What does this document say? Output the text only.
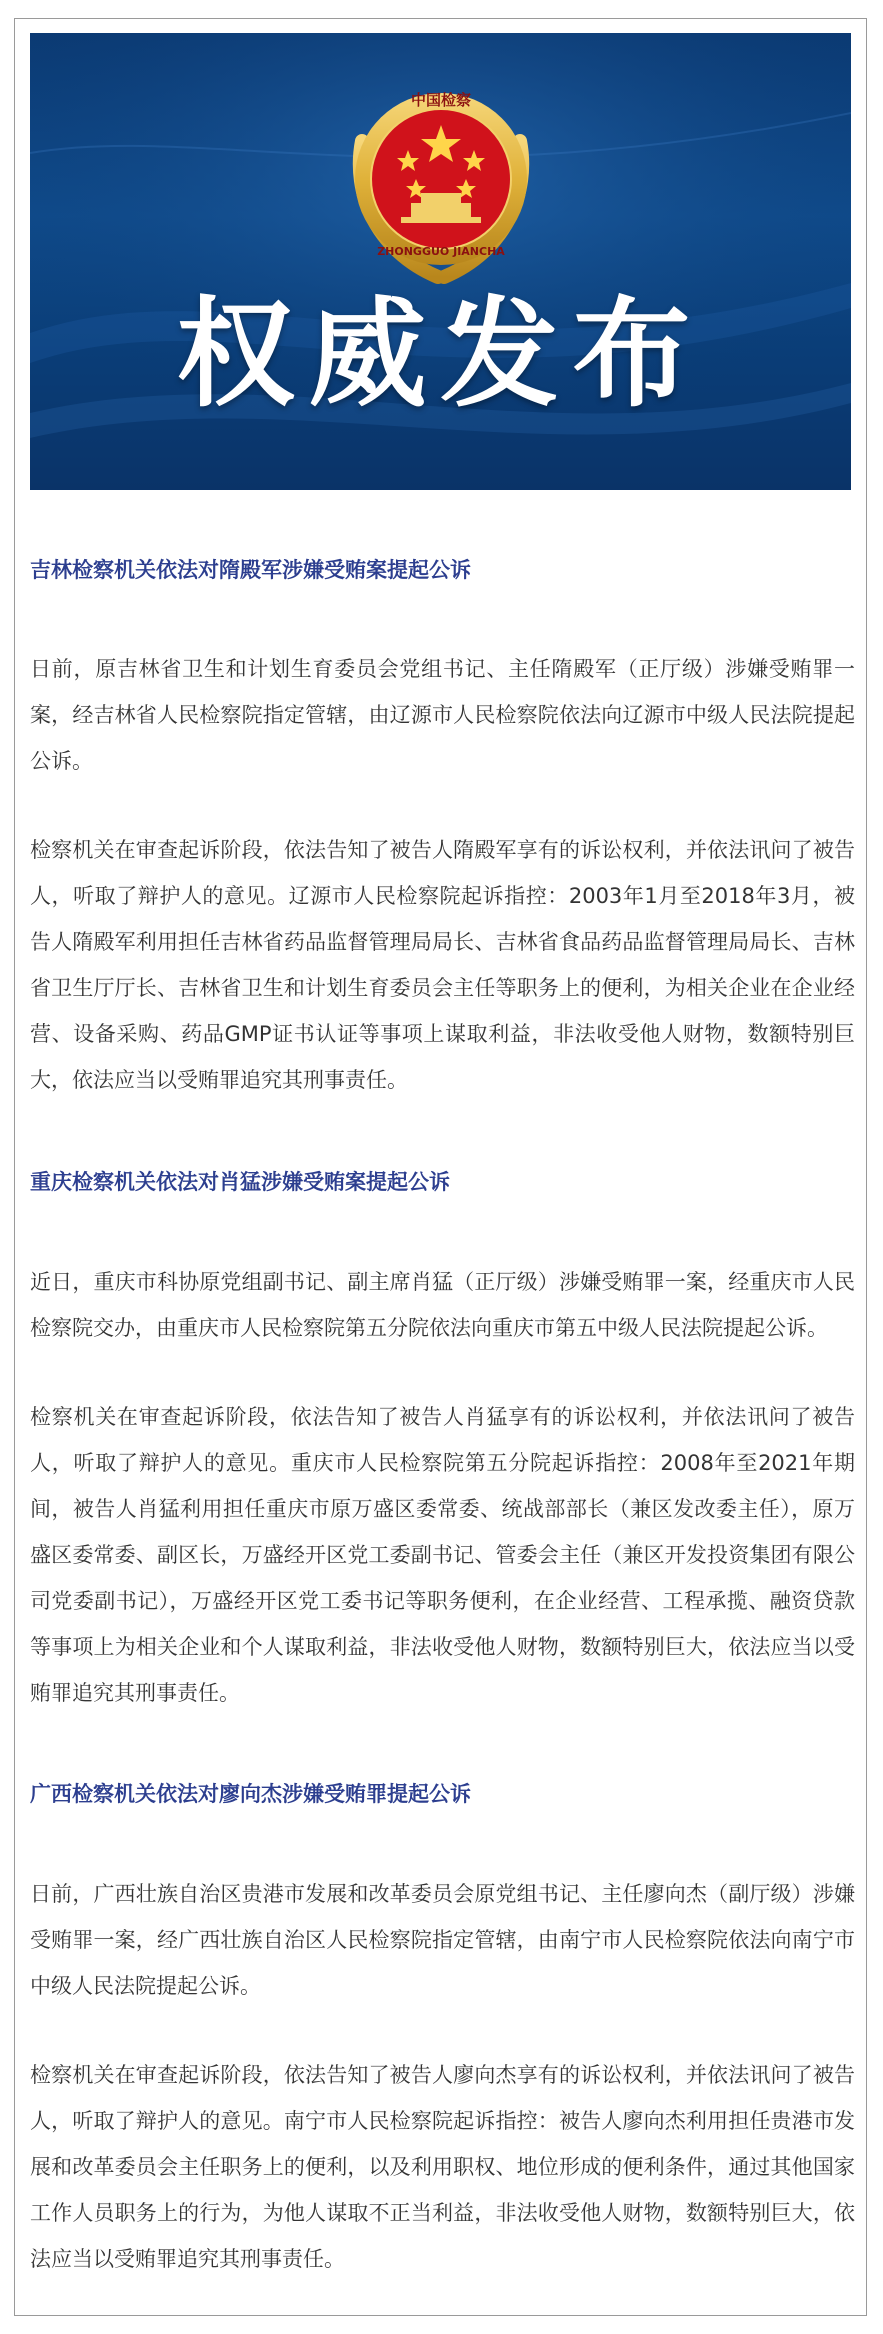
中国检察
ZHONGGUO JIANCHA
权威发布
吉林检察机关依法对隋殿军涉嫌受贿案提起公诉

日前，原吉林省卫生和计划生育委员会党组书记、主任隋殿军（正厅级）涉嫌受贿罪一案，经吉林省人民检察院指定管辖，由辽源市人民检察院依法向辽源市中级人民法院提起公诉。

检察机关在审查起诉阶段，依法告知了被告人隋殿军享有的诉讼权利，并依法讯问了被告人，听取了辩护人的意见。辽源市人民检察院起诉指控：2003年1月至2018年3月，被告人隋殿军利用担任吉林省药品监督管理局局长、吉林省食品药品监督管理局局长、吉林省卫生厅厅长、吉林省卫生和计划生育委员会主任等职务上的便利，为相关企业在企业经营、设备采购、药品GMP证书认证等事项上谋取利益，非法收受他人财物，数额特别巨大，依法应当以受贿罪追究其刑事责任。

重庆检察机关依法对肖猛涉嫌受贿案提起公诉

近日，重庆市科协原党组副书记、副主席肖猛（正厅级）涉嫌受贿罪一案，经重庆市人民检察院交办，由重庆市人民检察院第五分院依法向重庆市第五中级人民法院提起公诉。

检察机关在审查起诉阶段，依法告知了被告人肖猛享有的诉讼权利，并依法讯问了被告人，听取了辩护人的意见。重庆市人民检察院第五分院起诉指控：2008年至2021年期间，被告人肖猛利用担任重庆市原万盛区委常委、统战部部长（兼区发改委主任），原万盛区委常委、副区长，万盛经开区党工委副书记、管委会主任（兼区开发投资集团有限公司党委副书记），万盛经开区党工委书记等职务便利，在企业经营、工程承揽、融资贷款等事项上为相关企业和个人谋取利益，非法收受他人财物，数额特别巨大，依法应当以受贿罪追究其刑事责任。

广西检察机关依法对廖向杰涉嫌受贿罪提起公诉

日前，广西壮族自治区贵港市发展和改革委员会原党组书记、主任廖向杰（副厅级）涉嫌受贿罪一案，经广西壮族自治区人民检察院指定管辖，由南宁市人民检察院依法向南宁市中级人民法院提起公诉。

检察机关在审查起诉阶段，依法告知了被告人廖向杰享有的诉讼权利，并依法讯问了被告人，听取了辩护人的意见。南宁市人民检察院起诉指控：被告人廖向杰利用担任贵港市发展和改革委员会主任职务上的便利，以及利用职权、地位形成的便利条件，通过其他国家工作人员职务上的行为，为他人谋取不正当利益，非法收受他人财物，数额特别巨大，依法应当以受贿罪追究其刑事责任。
